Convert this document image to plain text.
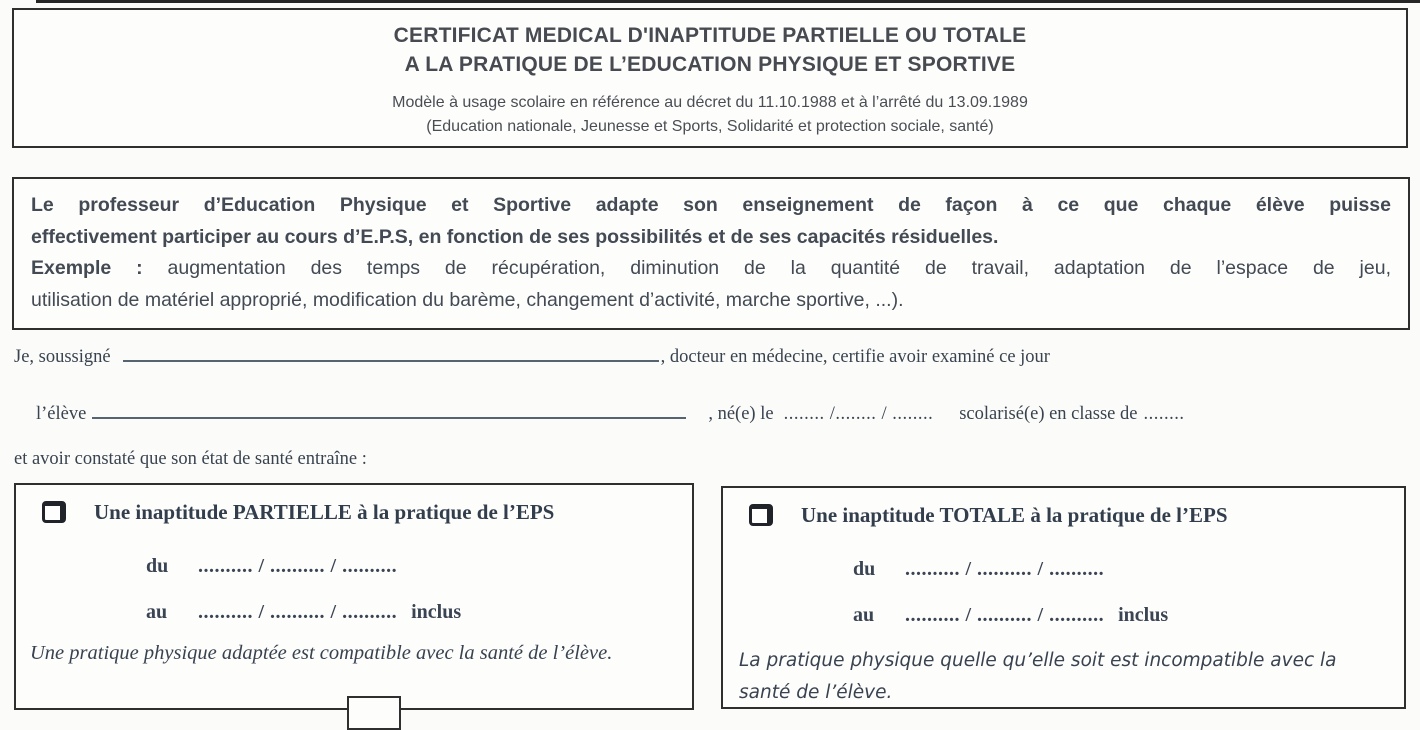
CERTIFICAT MEDICAL D'INAPTITUDE PARTIELLE OU TOTALE
A LA PRATIQUE DE L’EDUCATION PHYSIQUE ET SPORTIVE
Modèle à usage scolaire en référence au décret du 11.10.1988 et à l’arrêté du 13.09.1989
(Education nationale, Jeunesse et Sports, Solidarité et protection sociale, santé)
Le professeur d’Education Physique et Sportive adapte son enseignement de façon à ce que chaque élève puisse
effectivement participer au cours d’E.P.S, en fonction de ses possibilités et de ses capacités résiduelles.
Exemple : augmentation des temps de récupération, diminution de la quantité de travail, adaptation de l’espace de jeu,
utilisation de matériel approprié, modification du barème, changement d’activité, marche sportive, ...).
Je, soussigné	, docteur en médecine, certifie avoir examiné ce jour
l’élève	, né(e) le ........ /........ / ........ scolarisé(e) en classe de ........
et avoir constaté que son état de santé entraîne :
Une inaptitude PARTIELLE à la pratique de l’EPS
du .......... / .......... / ..........
au .......... / .......... / .......... inclus
Une pratique physique adaptée est compatible avec la santé de l’élève.
Une inaptitude TOTALE à la pratique de l’EPS
du .......... / .......... / ..........
au .......... / .......... / .......... inclus
La pratique physique quelle qu’elle soit est incompatible avec la santé de l’élève.
